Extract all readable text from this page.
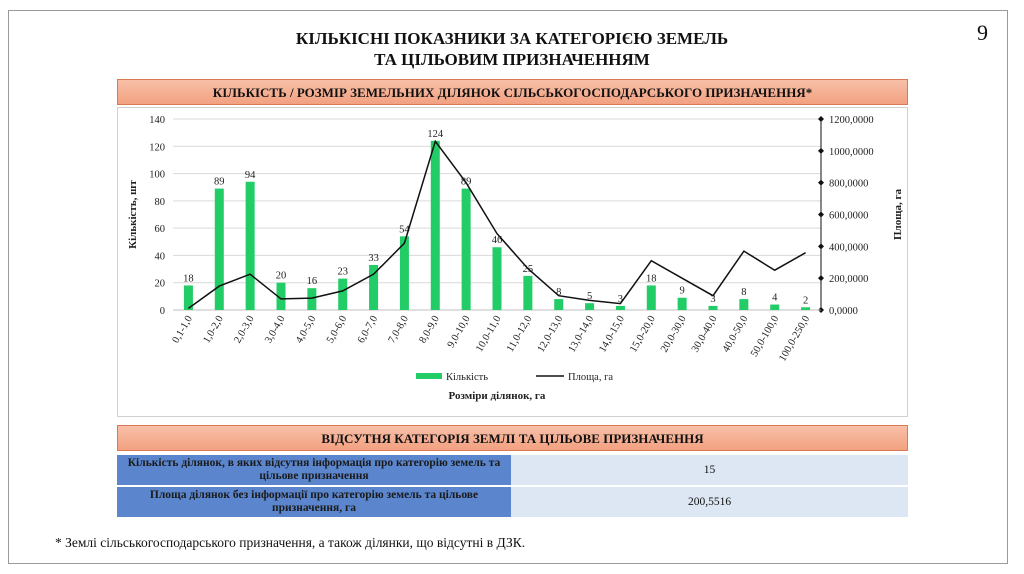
9
КІЛЬКІСНІ ПОКАЗНИКИ ЗА КАТЕГОРІЄЮ ЗЕМЕЛЬ
ТА ЦІЛЬОВИМ ПРИЗНАЧЕННЯМ
КІЛЬКІСТЬ / РОЗМІР ЗЕМЕЛЬНИХ ДІЛЯНОК СІЛЬСЬКОГОСПОДАРСЬКОГО ПРИЗНАЧЕННЯ*
0
20
40
60
80
100
120
140
0,0000
200,0000
400,0000
600,0000
800,0000
1000,0000
1200,0000
18
89
94
20 16
23
33
54
124
89
46
25
8 5 3
18
9
3
8 4 2
0,1-1,0 1,0-2,0 2,0-3,0 3,0-4,0 4,0-5,0 5,0-6,0 6,0-7,0 7,0-8,0 8,0-9,0 9,0-10,0 10,0-11,0 11,0-12,0 12,0-13,0 13,0-14,0 14,0-15,0 15,0-20,0 20,0-30,0 30,0-40,0 40,0-50,0
50,0-100,0
100,0-250,0
Кількість, шт	Площа, га
Розміри ділянок, га
Кількість	Площа, га
ВІДСУТНЯ КАТЕГОРІЯ ЗЕМЛІ ТА ЦІЛЬОВЕ ПРИЗНАЧЕННЯ
Кількість ділянок, в яких відсутня інформація про категорію земель та цільове призначення	15
Площа ділянок без інформації про категорію земель та цільове призначення, га	200,5516
* Землі сільськогосподарського призначення, а також ділянки, що відсутні в ДЗК.
